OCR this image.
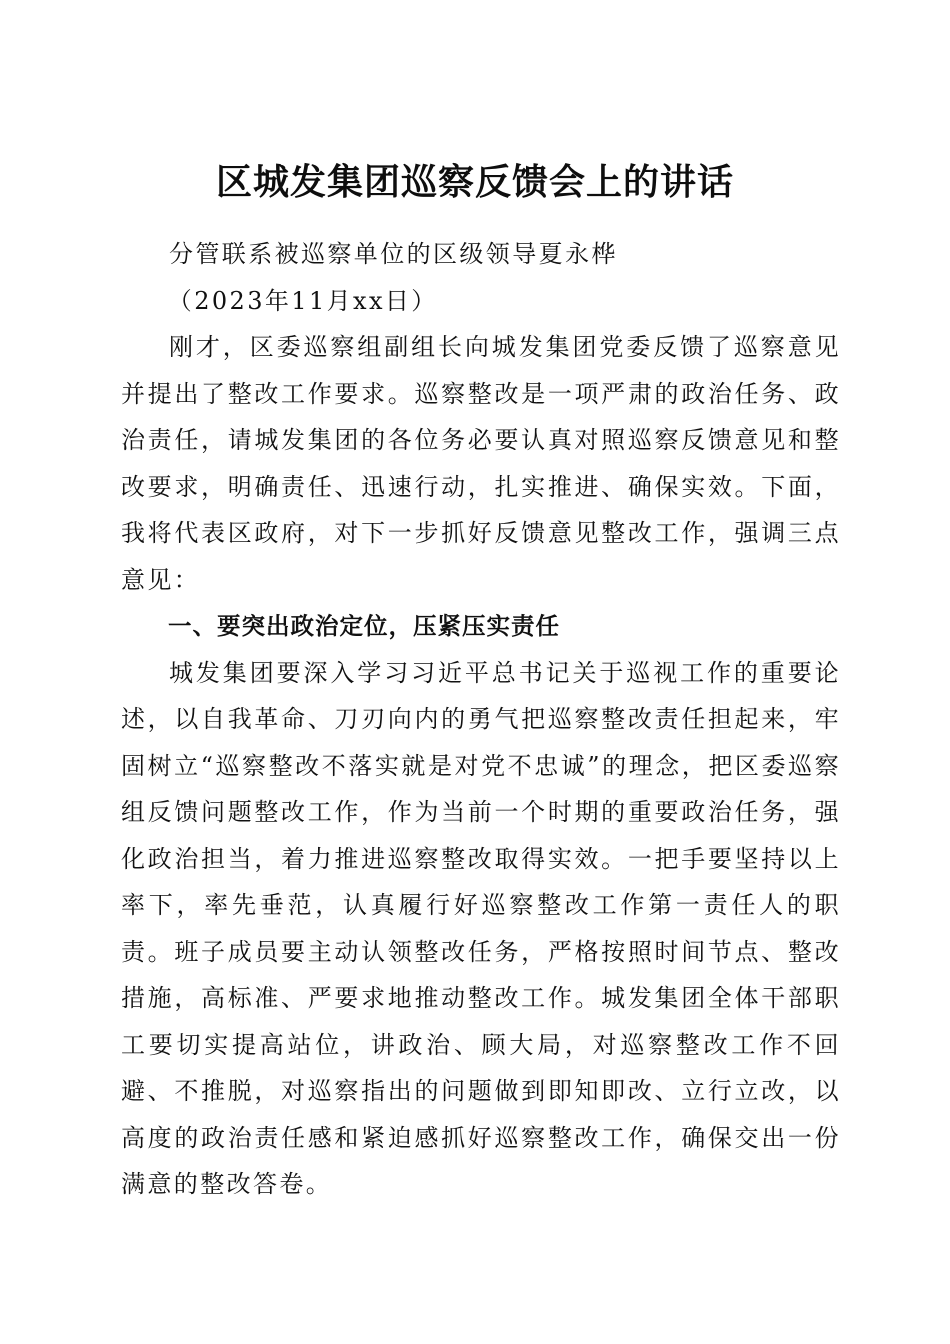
区城发集团巡察反馈会上的讲话

分管联系被巡察单位的区级领导夏永桦

（2023年11月xx日）

刚才，区委巡察组副组长向城发集团党委反馈了巡察意见并提出了整改工作要求。巡察整改是一项严肃的政治任务、政治责任，请城发集团的各位务必要认真对照巡察反馈意见和整改要求，明确责任、迅速行动，扎实推进、确保实效。下面，我将代表区政府，对下一步抓好反馈意见整改工作，强调三点意见：

一、要突出政治定位，压紧压实责任

城发集团要深入学习习近平总书记关于巡视工作的重要论述，以自我革命、刀刃向内的勇气把巡察整改责任担起来，牢固树立“巡察整改不落实就是对党不忠诚”的理念，把区委巡察组反馈问题整改工作，作为当前一个时期的重要政治任务，强化政治担当，着力推进巡察整改取得实效。一把手要坚持以上率下，率先垂范，认真履行好巡察整改工作第一责任人的职责。班子成员要主动认领整改任务，严格按照时间节点、整改措施，高标准、严要求地推动整改工作。城发集团全体干部职工要切实提高站位，讲政治、顾大局，对巡察整改工作不回避、不推脱，对巡察指出的问题做到即知即改、立行立改，以高度的政治责任感和紧迫感抓好巡察整改工作，确保交出一份满意的整改答卷。
